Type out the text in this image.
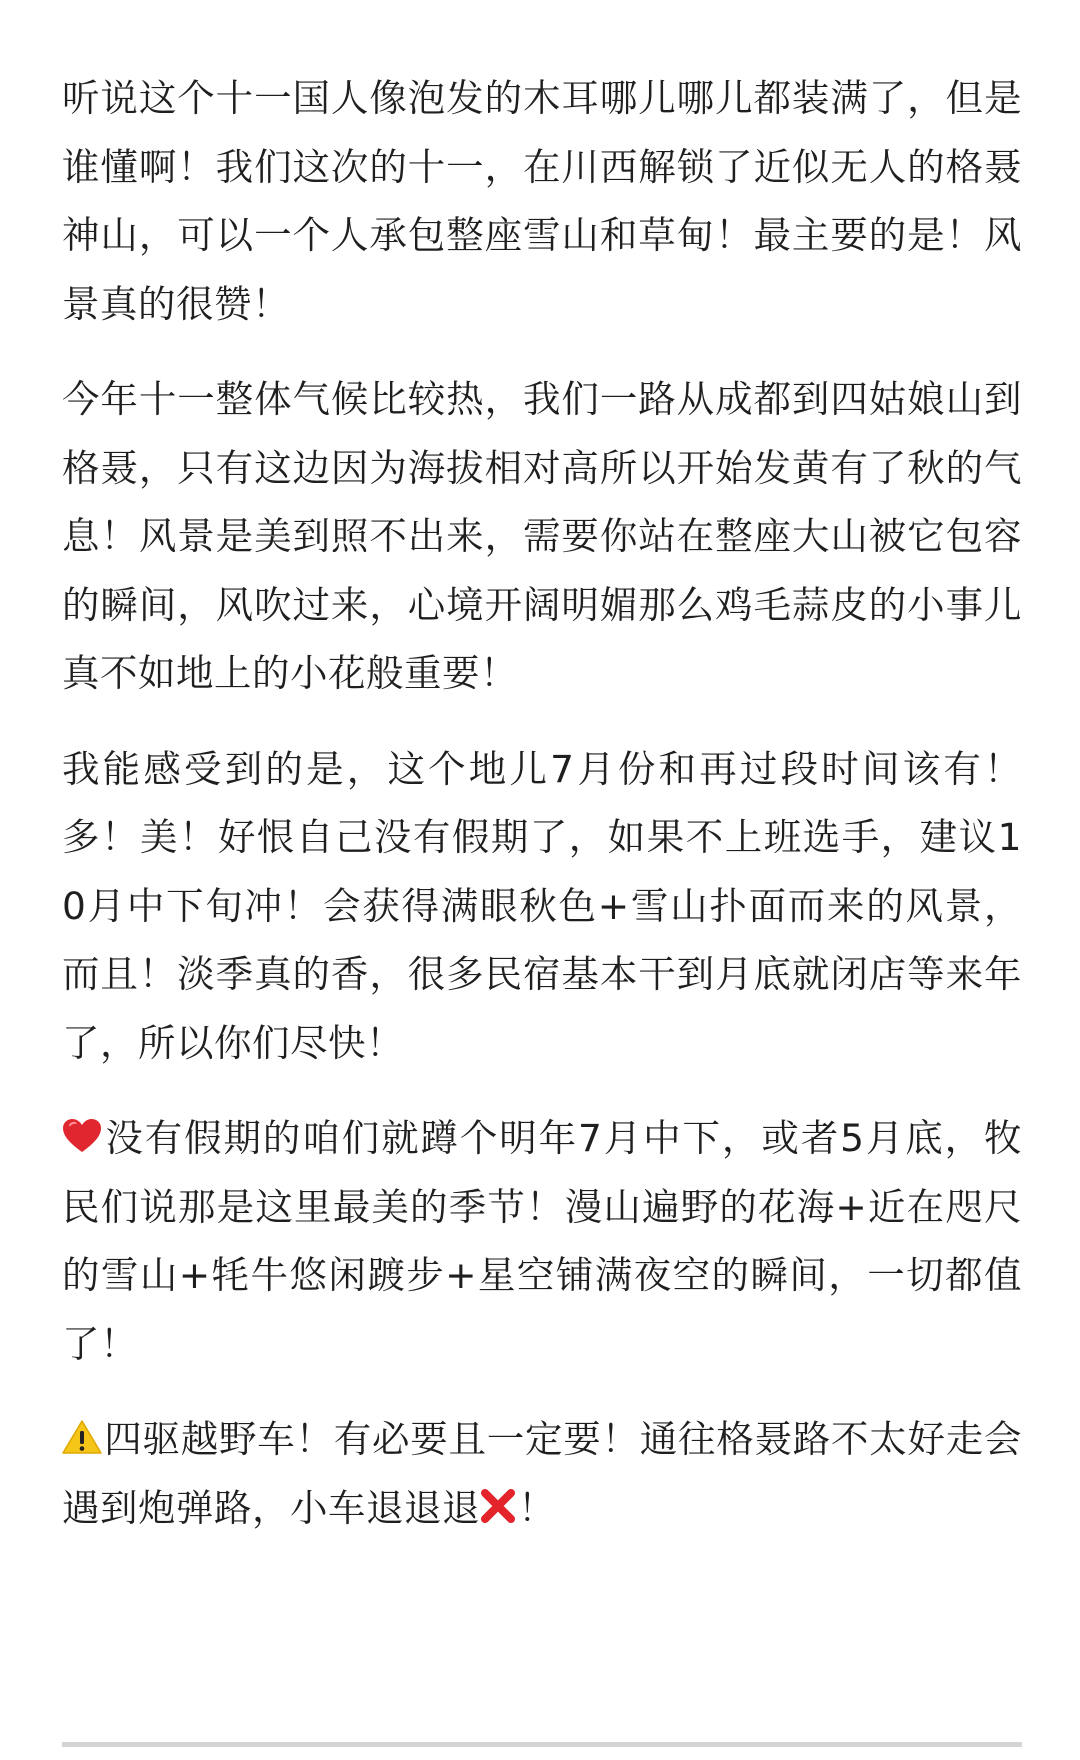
听说这个十一国人像泡发的木耳哪儿哪儿都装满了，但是谁懂啊！我们这次的十一，在川西解锁了近似无人的格聂神山，可以一个人承包整座雪山和草甸！最主要的是！风景真的很赞！

今年十一整体气候比较热，我们一路从成都到四姑娘山到格聂，只有这边因为海拔相对高所以开始发黄有了秋的气息！风景是美到照不出来，需要你站在整座大山被它包容的瞬间，风吹过来，心境开阔明媚那么鸡毛蒜皮的小事儿真不如地上的小花般重要！

我能感受到的是，这个地儿7月份和再过段时间该有！多！美！好恨自己没有假期了，如果不上班选手，建议10月中下旬冲！会获得满眼秋色+雪山扑面而来的风景，而且！淡季真的香，很多民宿基本干到月底就闭店等来年了，所以你们尽快！

没有假期的咱们就蹲个明年7月中下，或者5月底，牧民们说那是这里最美的季节！漫山遍野的花海+近在咫尺的雪山+牦牛悠闲踱步+星空铺满夜空的瞬间，一切都值了！

四驱越野车！有必要且一定要！通往格聂路不太好走会遇到炮弹路，小车退退退 ！
